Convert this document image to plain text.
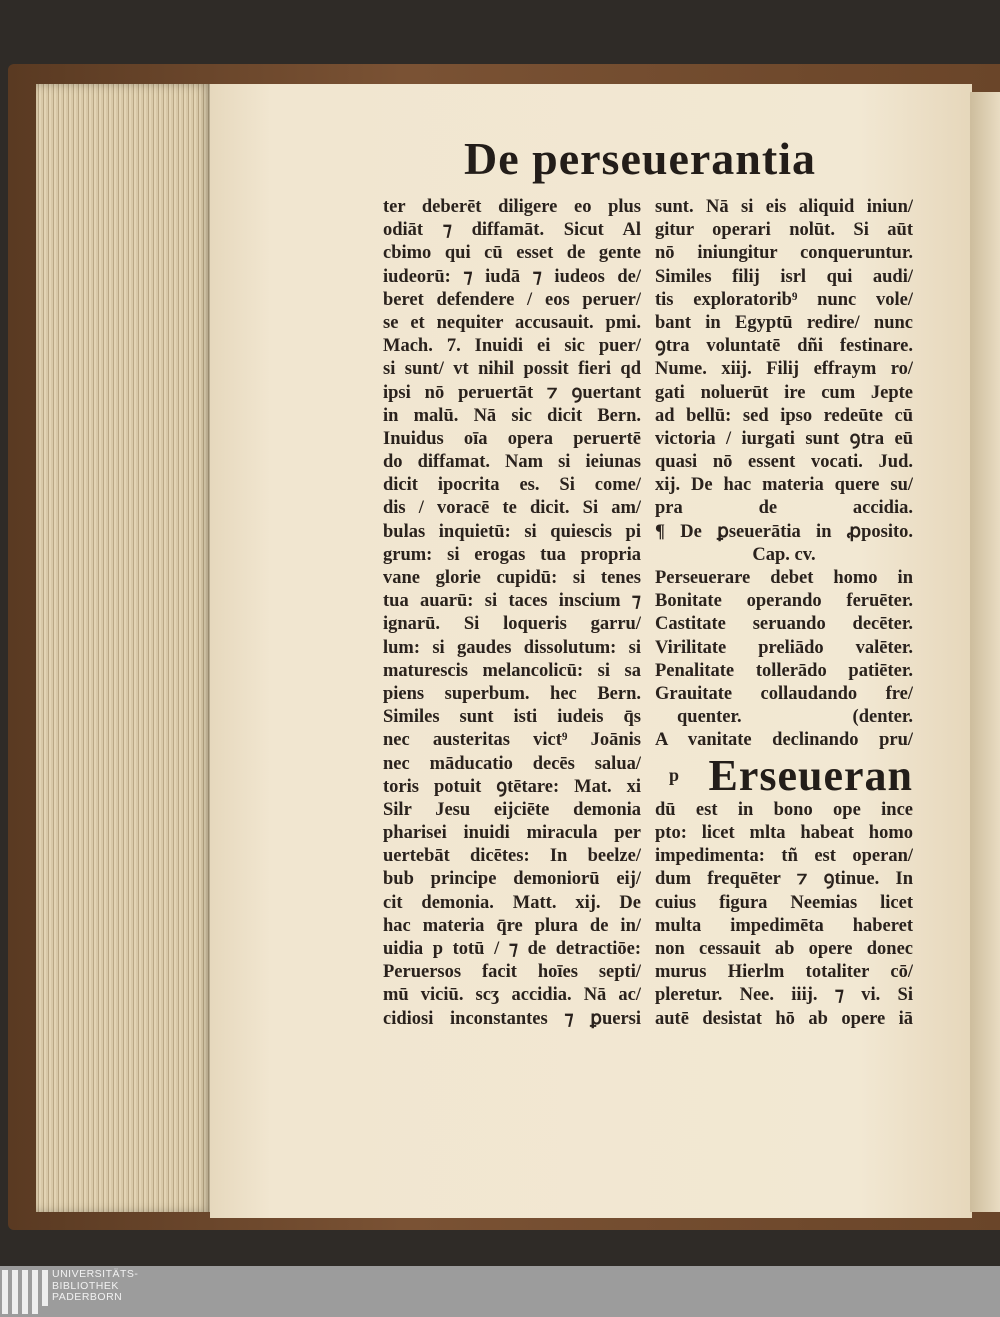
De perseuerantia
ter deberēt diligere eo plus
odiāt ⁊ diffamāt. Sicut Al
cbimo qui cū esset de gente
iudeorū: ⁊ iudā ⁊ iudeos de/
beret defendere / eos peruer/
se et nequiter accusauit. pmi.
Mach. 7. Inuidi ei sic puer/
si sunt/ vt nihil possit fieri qd
ipsi nō peruertāt ⁊ ꝯuertant
in malū. Nā sic dicit Bern.
Inuidus oīa opera peruertē
do diffamat. Nam si ieiunas
dicit ipocrita es. Si come/
dis / voracē te dicit. Si am/
bulas inquietū: si quiescis pi
grum: si erogas tua propria
vane glorie cupidū: si tenes
tua auarū: si taces inscium ⁊
ignarū. Si loqueris garru/
lum: si gaudes dissolutum: si
maturescis melancolicū: si sa
piens superbum. hec Bern.
Similes sunt isti iudeis q̄s
nec austeritas vict⁹ Joānis
nec māducatio decēs salua/
toris potuit ꝯtētare: Mat. xi
Silr Jesu eijciēte demonia
pharisei inuidi miracula per
uertebāt dicētes: In beelze/
bub principe demoniorū eij/
cit demonia. Matt. xij. De
hac materia q̄re plura de in/
uidia p totū / ⁊ de detractiōe:
Peruersos facit hoīes septi/
mū viciū. scʒ accidia. Nā ac/
cidiosi inconstantes ⁊ ꝑuersi
sunt. Nā si eis aliquid iniun/
gitur operari nolūt. Si aūt
nō iniungitur conqueruntur.
Similes filij isrl qui audi/
tis exploratorib⁹ nunc vole/
bant in Egyptū redire/ nunc
ꝯtra voluntatē dñi festinare.
Nume. xiij. Filij effraym ro/
gati noluerūt ire cum Jepte
ad bellū: sed ipso redeūte cū
victoria / iurgati sunt ꝯtra eū
quasi nō essent vocati. Jud.
xij. De hac materia quere su/
pra de accidia.
¶ De ꝑseuerātia in ꝓposito.
Cap. cv.
Perseuerare debet homo in
Bonitate operando feruēter.
Castitate seruando decēter.
Virilitate preliādo valēter.
Penalitate tollerādo patiēter.
Grauitate collaudando fre/
quenter.	(denter.
A vanitate declinando pru/
p Erseueran
dū est in bono ope ince
pto: licet mlta habeat homo
impedimenta: tñ est operan/
dum frequēter ⁊ ꝯtinue. In
cuius figura Neemias licet
multa impedimēta haberet
non cessauit ab opere donec
murus Hierlm totaliter cō/
pleretur. Nee. iiij. ⁊ vi. Si
autē desistat hō ab opere iā
UNIVERSITÄTS-
BIBLIOTHEK
PADERBORN
